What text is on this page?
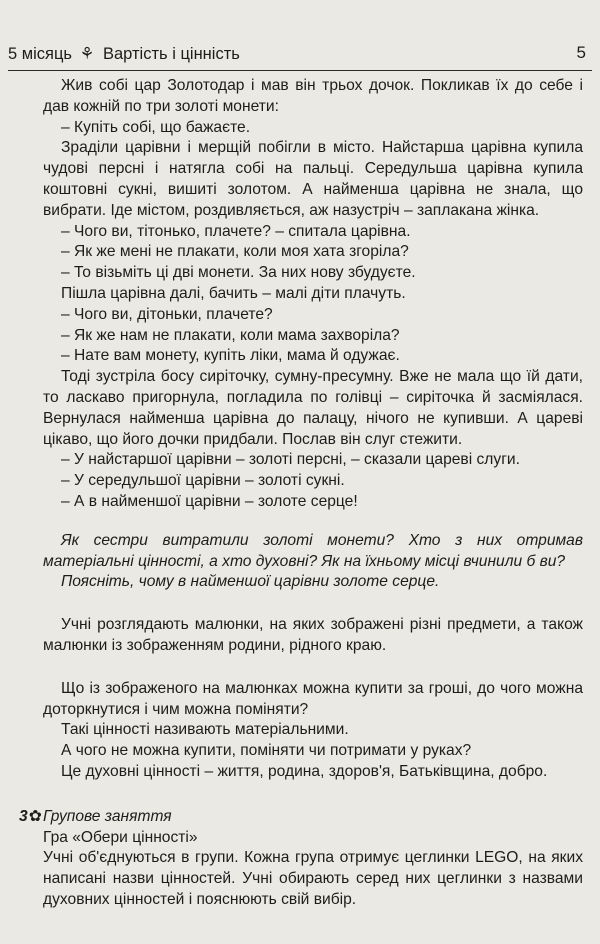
5 місяць ⚘ Вартість і цінність	5

Жив собі цар Золотодар і мав він трьох дочок. Покликав їх до себе і дав кожній по три золоті монети:

– Купіть собі, що бажаєте.

Зраділи царівни і мерщій побігли в місто. Найстарша царівна купила чудові персні і натягла собі на пальці. Середульша царівна купила коштовні сукні, вишиті золотом. А найменша царівна не знала, що вибрати. Іде містом, роздивляється, аж назустріч – заплакана жінка.

– Чого ви, тітонько, плачете? – спитала царівна.

– Як же мені не плакати, коли моя хата згоріла?

– То візьміть ці дві монети. За них нову збудуєте.

Пішла царівна далі, бачить – малі діти плачуть.

– Чого ви, дітоньки, плачете?

– Як же нам не плакати, коли мама захворіла?

– Нате вам монету, купіть ліки, мама й одужає.

Тоді зустріла босу сиріточку, сумну-пресумну. Вже не мала що їй дати, то ласкаво пригорнула, погладила по голівці – сиріточка й засміялася. Вернулася найменша царівна до палацу, нічого не купивши. А цареві цікаво, що його дочки придбали. Послав він слуг стежити.

– У найстаршої царівни – золоті персні, – сказали цареві слуги.

– У середульшої царівни – золоті сукні.

– А в найменшої царівни – золоте серце!

Як сестри витратили золоті монети? Хто з них отримав матеріальні цінності, а хто духовні? Як на їхньому місці вчинили б ви?

Поясніть, чому в найменшої царівни золоте серце.

Учні розглядають малюнки, на яких зображені різні предмети, а також малюнки із зображенням родини, рідного краю.

Що із зображеного на малюнках можна купити за гроші, до чого можна доторкнутися і чим можна поміняти?

Такі цінності називають матеріальними.

А чого не можна купити, поміняти чи потримати у руках?

Це духовні цінності – життя, родина, здоров'я, Батьківщина, добро.

3✿ Групове заняття

Гра «Обери цінності»

Учні об'єднуються в групи. Кожна група отримує цеглинки LEGO, на яких написані назви цінностей. Учні обирають серед них цеглинки з назвами духовних цінностей і пояснюють свій вибір.
